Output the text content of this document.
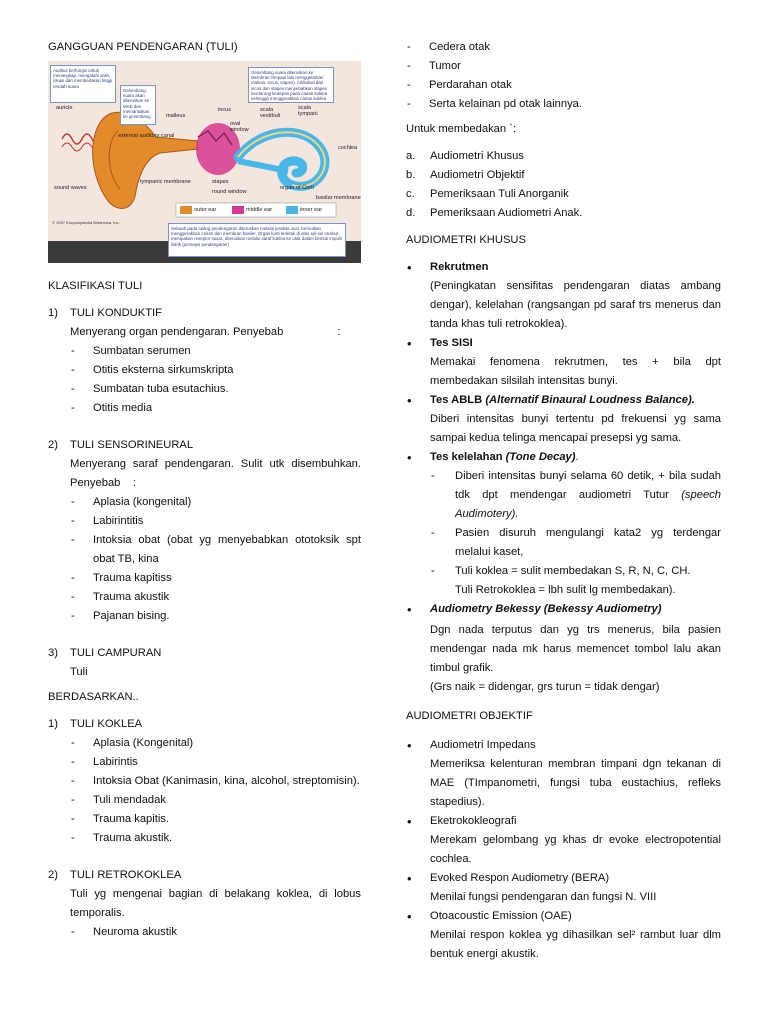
GANGGUAN PENDENGARAN (TULI)

Auditus berfungsi untuk menangkap, mengatahi arah, lokasi dan membedakan tinggi rendah suara
Gelombang suara diteruskan ke Membran Timpani lalu menggetarkan maleus, incus, stapes). Artikulasi dari incus dan stapes menyebabkan stapes berdorong kedepan pada cairan koklea sehingga menggerakkan cairan koklea
Gelombang suara akan diteruskan ke MAE dan memantulkan ke gelombang.
Sebuah pada tulang pendengaran diteruskan melalui jendela oval. Kemudian menggerakkan cairan dan membran basiler, Organ korti terletak di atas sel-sel rambut merupakan reseptor suara, diteruskan melalui saraf koklea ke otak dalam bentuk impuls listrik (persepsi pendengaran)
auricle
malleus
incus
oval window
scala vestibuli
scala tympani
cochlea
external auditory canal
tympanic membrane	stapes
round window
organ of Corti
basilar membrane
sound waves
outer ear	middle ear	inner ear
© 1997 Encyclopaedia Britannica, Inc.

KLASIFIKASI TULI

1) TULI KONDUKTIF
Menyerang organ pendengaran. Penyebab	:
- Sumbatan serumen
- Otitis eksterna sirkumskripta
- Sumbatan tuba esutachius.
- Otitis media
2) TULI SENSORINEURAL
Menyerang saraf pendengaran. Sulit utk disembuhkan. Penyebab    :
- Aplasia (kongenital)
- Labirintitis
- Intoksia obat (obat yg menyebabkan ototoksik spt obat TB, kina
- Trauma kapitiss
- Trauma akustik
- Pajanan bising.
3) TULI CAMPURAN
Tuli

BERDASARKAN..

1) TULI KOKLEA
- Aplasia (Kongenital)
- Labirintis
- Intoksia Obat (Kanimasin, kina, alcohol, streptomisin).
- Tuli mendadak
- Trauma kapitis.
- Trauma akustik.
2) TULI RETROKOKLEA
Tuli yg mengenai bagian di belakang koklea, di lobus temporalis.
- Neuroma akustik
- Cedera otak
- Tumor
- Perdarahan otak
- Serta kelainan pd otak lainnya.

Untuk membedakan `:

a. Audiometri Khusus
b. Audiometri Objektif
c. Pemeriksaan Tuli Anorganik
d. Pemeriksaan Audiometri Anak.

AUDIOMETRI KHUSUS

• Rekrutmen
(Peningkatan sensifitas pendengaran diatas ambang dengar), kelelahan (rangsangan pd saraf trs menerus dan tanda khas tuli retrokoklea).
• Tes SISI
Memakai fenomena rekrutmen, tes + bila dpt membedakan silsilah intensitas bunyi.
• Tes ABLB (Alternatif Binaural Loudness Balance).
Diberi intensitas bunyi tertentu pd frekuensi yg sama sampai kedua telinga mencapai presepsi yg sama.
• Tes kelelahan (Tone Decay).
- Diberi intensitas bunyi selama 60 detik, + bila sudah tdk dpt mendengar audiometri Tutur (speech Audimotery).
- Pasien disuruh mengulangi kata2 yg terdengar melalui kaset,
- Tuli koklea = sulit membedakan S, R, N, C, CH.
Tuli Retrokoklea = lbh sulit lg membedakan).
• Audiometry Bekessy (Bekessy Audiometry)
Dgn nada terputus dan yg trs menerus, bila pasien mendengar nada mk harus memencet tombol lalu akan timbul grafik.
(Grs naik = didengar, grs turun = tidak dengar)

AUDIOMETRI OBJEKTIF

• Audiometri Impedans
Memeriksa kelenturan membran timpani dgn tekanan di MAE (TImpanometri, fungsi tuba eustachius, refleks stapedius).
• Eketrokokleografi
Merekam gelombang yg khas dr evoke electropotential cochlea.
• Evoked Respon Audiometry (BERA)
Menilai fungsi pendengaran dan fungsi N. VIII
• Otoacoustic Emission (OAE)
Menilai respon koklea yg dihasilkan sel² rambut luar dlm bentuk energi akustik.
